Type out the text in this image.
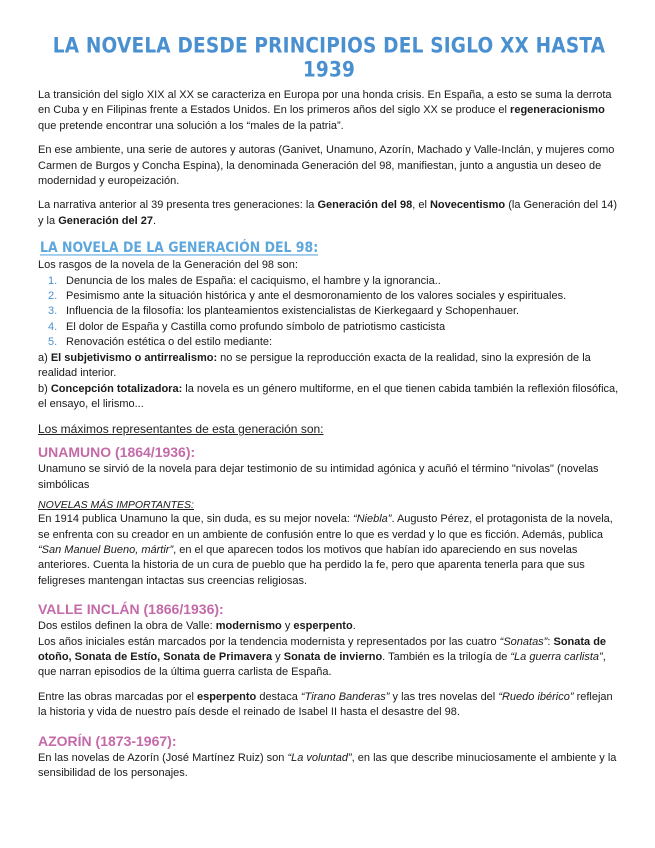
LA NOVELA DESDE PRINCIPIOS DEL SIGLO XX HASTA 1939

La transición del siglo XIX al XX se caracteriza en Europa por una honda crisis. En España, a esto se suma la derrota en Cuba y en Filipinas frente a Estados Unidos. En los primeros años del siglo XX se produce el regeneracionismo que pretende encontrar una solución a los “males de la patria”.

En ese ambiente, una serie de autores y autoras (Ganivet, Unamuno, Azorín, Machado y Valle-Inclán, y mujeres como Carmen de Burgos y Concha Espina), la denominada Generación del 98, manifiestan, junto a angustia un deseo de modernidad y europeización.

La narrativa anterior al 39 presenta tres generaciones: la Generación del 98, el Novecentismo (la Generación del 14) y la Generación del 27.

LA NOVELA DE LA GENERACIÓN DEL 98:

Los rasgos de la novela de la Generación del 98 son:

1. Denuncia de los males de España: el caciquismo, el hambre y la ignorancia..
2. Pesimismo ante la situación histórica y ante el desmoronamiento de los valores sociales y espirituales.
3. Influencia de la filosofía: los planteamientos existencialistas de Kierkegaard y Schopenhauer.
4. El dolor de España y Castilla como profundo símbolo de patriotismo casticista
5. Renovación estética o del estilo mediante:

a) El subjetivismo o antirrealismo: no se persigue la reproducción exacta de la realidad, sino la expresión de la realidad interior.

b) Concepción totalizadora: la novela es un género multiforme, en el que tienen cabida también la reflexión filosófica, el ensayo, el lirismo...

Los máximos representantes de esta generación son:
UNAMUNO (1864/1936):

Unamuno se sirvió de la novela para dejar testimonio de su intimidad agónica y acuñó el término "nivolas" (novelas simbólicas

NOVELAS MÁS IMPORTANTES:

En 1914 publica Unamuno la que, sin duda, es su mejor novela: “Niebla”. Augusto Pérez, el protagonista de la novela, se enfrenta con su creador en un ambiente de confusión entre lo que es verdad y lo que es ficción. Además, publica “San Manuel Bueno, mártir”, en el que aparecen todos los motivos que habían ido apareciendo en sus novelas anteriores. Cuenta la historia de un cura de pueblo que ha perdido la fe, pero que aparenta tenerla para que sus feligreses mantengan intactas sus creencias religiosas.

VALLE INCLÁN (1866/1936):

Dos estilos definen la obra de Valle: modernismo y esperpento.

Los años iniciales están marcados por la tendencia modernista y representados por las cuatro “Sonatas”: Sonata de otoño, Sonata de Estío, Sonata de Primavera y Sonata de invierno. También es la trilogía de “La guerra carlista”, que narran episodios de la última guerra carlista de España.

Entre las obras marcadas por el esperpento destaca “Tirano Banderas” y las tres novelas del “Ruedo ibérico” reflejan la historia y vida de nuestro país desde el reinado de Isabel II hasta el desastre del 98.

AZORÍN (1873-1967):

En las novelas de Azorín (José Martínez Ruiz) son “La voluntad”, en las que describe minuciosamente el ambiente y la sensibilidad de los personajes.
